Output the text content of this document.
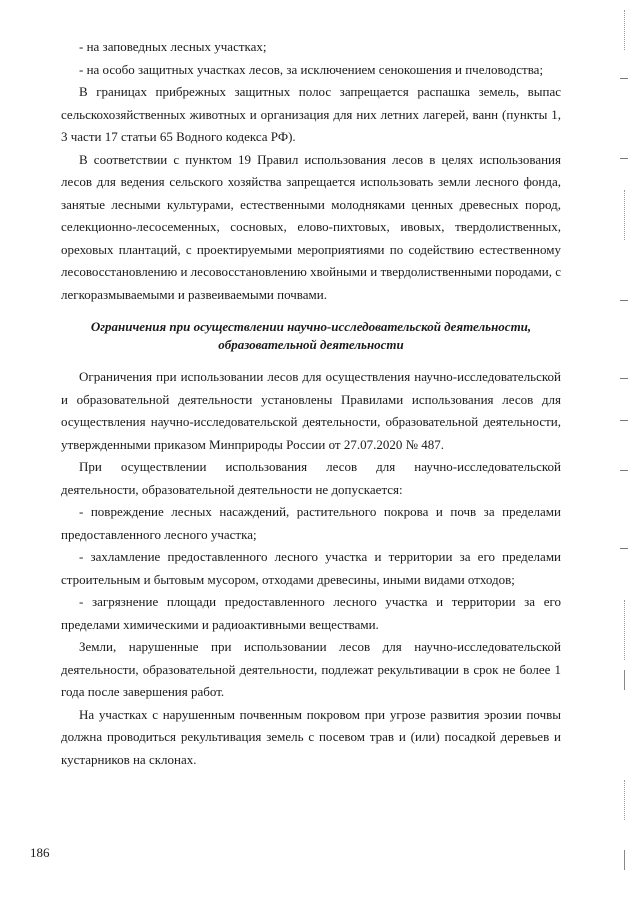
- на заповедных лесных участках;

- на особо защитных участках лесов, за исключением сенокошения и пчеловодства;

В границах прибрежных защитных полос запрещается распашка земель, выпас сельскохозяйственных животных и организация для них летних лагерей, ванн (пункты 1, 3 части 17 статьи 65 Водного кодекса РФ).

В соответствии с пунктом 19 Правил использования лесов в целях использования лесов для ведения сельского хозяйства запрещается использовать земли лесного фонда, занятые лесными культурами, естественными молодняками ценных древесных пород, селекционно-лесосеменных, сосновых, елово-пихтовых, ивовых, твердолиственных, ореховых плантаций, с проектируемыми мероприятиями по содействию естественному лесовосстановлению и лесовосстановлению хвойными и твердолиственными породами, с легкоразмываемыми и развеиваемыми почвами.

Ограничения при осуществлении научно-исследовательской деятельности,
образовательной деятельности

Ограничения при использовании лесов для осуществления научно-исследовательской и образовательной деятельности установлены Правилами использования лесов для осуществления научно-исследовательской деятельности, образовательной деятельности, утвержденными приказом Минприроды России от 27.07.2020 № 487.

При осуществлении использования лесов для научно-исследовательской деятельности, образовательной деятельности не допускается:

- повреждение лесных насаждений, растительного покрова и почв за пределами предоставленного лесного участка;

- захламление предоставленного лесного участка и территории за его пределами строительным и бытовым мусором, отходами древесины, иными видами отходов;

- загрязнение площади предоставленного лесного участка и территории за его пределами химическими и радиоактивными веществами.

Земли, нарушенные при использовании лесов для научно-исследовательской деятельности, образовательной деятельности, подлежат рекультивации в срок не более 1 года после завершения работ.

На участках с нарушенным почвенным покровом при угрозе развития эрозии почвы должна проводиться рекультивация земель с посевом трав и (или) посадкой деревьев и кустарников на склонах.

186
